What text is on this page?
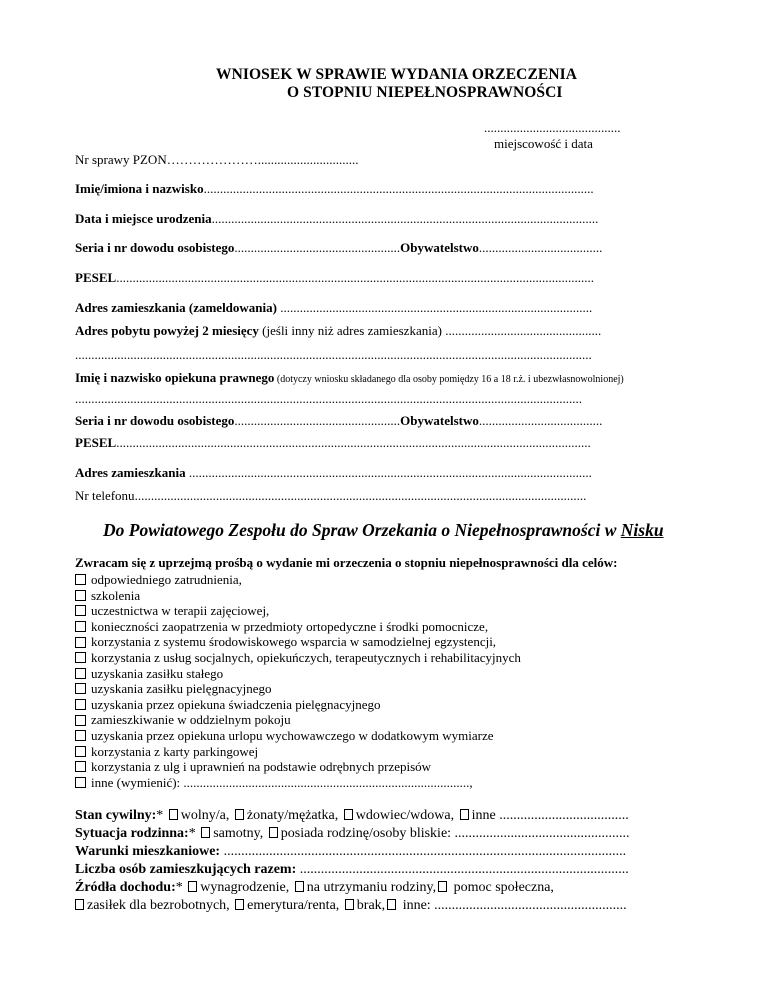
WNIOSEK W SPRAWIE WYDANIA ORZECZENIA
O STOPNIU NIEPEŁNOSPRAWNOŚCI
..........................................
miejscowość i data
Nr sprawy PZON…………………...............................
Imię/imiona i nazwisko........................................................................................................................
Data i miejsce urodzenia.......................................................................................................................
Seria i nr dowodu osobistego...................................................Obywatelstwo......................................
PESEL...................................................................................................................................................
Adres zamieszkania (zameldowania) ................................................................................................
Adres pobytu powyżej 2 miesięcy (jeśli inny niż adres zamieszkania) ................................................
...............................................................................................................................................................
Imię i nazwisko opiekuna prawnego (dotyczy wniosku składanego dla osoby pomiędzy 16 a 18 r.ż. i ubezwłasnowolnionej)
............................................................................................................................................................
Seria i nr dowodu osobistego...................................................Obywatelstwo......................................
PESEL..................................................................................................................................................
Adres zamieszkania ............................................................................................................................
Nr telefonu...........................................................................................................................................
Do Powiatowego Zespołu do Spraw Orzekania o Niepełnosprawności w Nisku
Zwracam się z uprzejmą prośbą o wydanie mi orzeczenia o stopniu niepełnosprawności dla celów:
odpowiedniego zatrudnienia,
szkolenia
uczestnictwa w terapii zajęciowej,
konieczności zaopatrzenia w przedmioty ortopedyczne i środki pomocnicze,
korzystania z systemu środowiskowego wsparcia w samodzielnej egzystencji,
korzystania z usług socjalnych, opiekuńczych, terapeutycznych i rehabilitacyjnych
uzyskania zasiłku stałego
uzyskania zasiłku pielęgnacyjnego
uzyskania przez opiekuna świadczenia pielęgnacyjnego
zamieszkiwanie w oddzielnym pokoju
uzyskania przez opiekuna urlopu wychowawczego w dodatkowym wymiarze
korzystania z karty parkingowej
korzystania z ulg i uprawnień na podstawie odrębnych przepisów
inne (wymienić): ........................................................................................,
Stan cywilny:* wolny/a, żonaty/mężatka, wdowiec/wdowa, inne .....................................
Sytuacja rodzinna:* samotny, posiada rodzinę/osoby bliskie: ..................................................
Warunki mieszkaniowe: ...................................................................................................................
Liczba osób zamieszkujących razem: ..............................................................................................
Źródła dochodu:* wynagrodzenie, na utrzymaniu rodziny, pomoc społeczna,
zasiłek dla bezrobotnych, emerytura/renta, brak, inne: .......................................................
